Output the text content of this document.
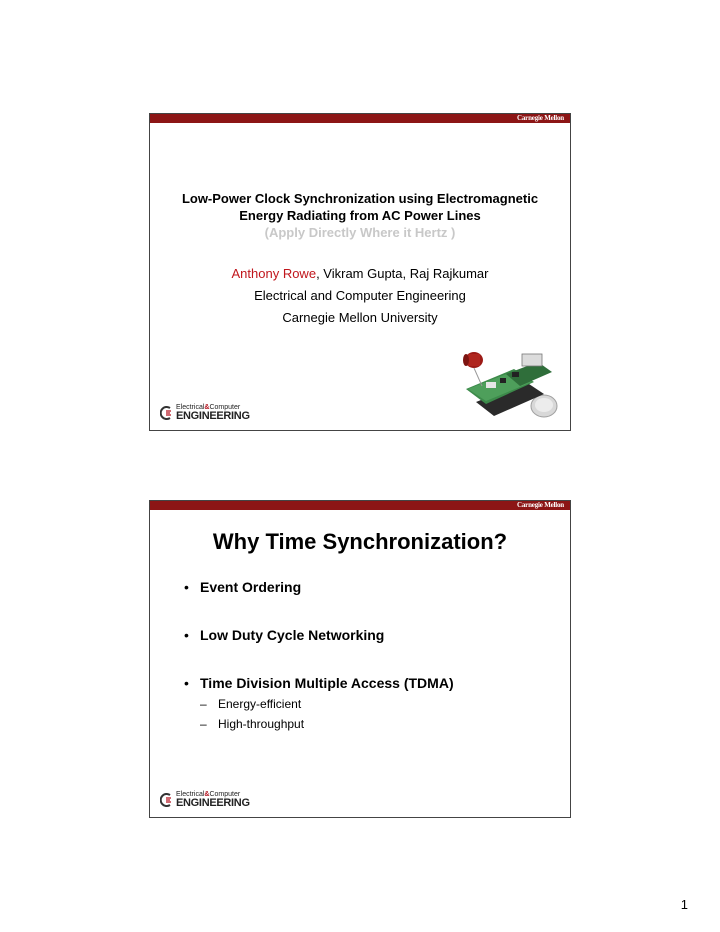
Carnegie Mellon
Low-Power Clock Synchronization using Electromagnetic
Energy Radiating from AC Power Lines
(Apply Directly Where it Hertz )
Anthony Rowe, Vikram Gupta, Raj Rajkumar
Electrical and Computer Engineering
Carnegie Mellon University
Electrical&Computer
ENGINEERING
Carnegie Mellon
Why Time Synchronization?
• Event Ordering
• Low Duty Cycle Networking
• Time Division Multiple Access (TDMA)
– Energy-efficient
– High-throughput
Electrical&Computer
ENGINEERING
1
